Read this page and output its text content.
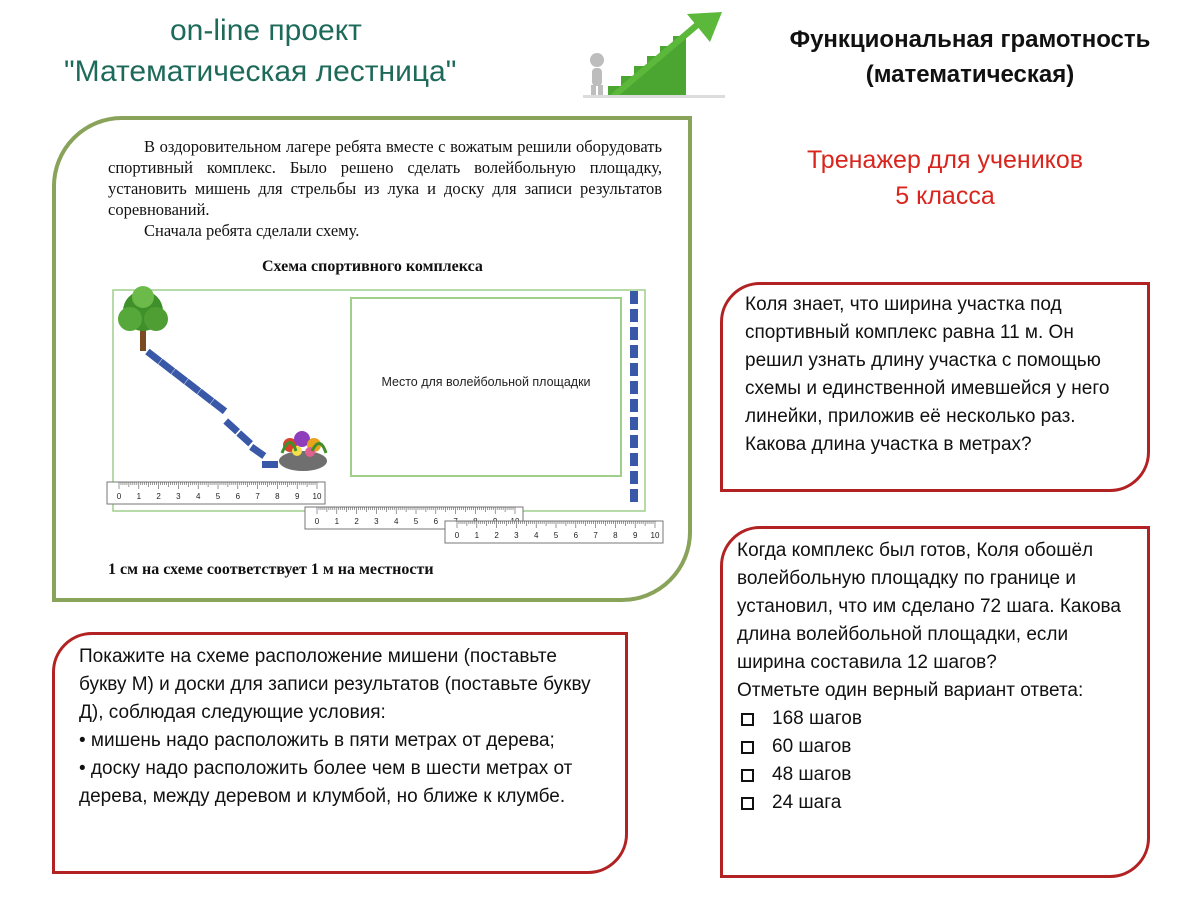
on-line проект
"Математическая лестница"
Функциональная грамотность
(математическая)
Тренажер для учеников
5 класса

В оздоровительном лагере ребята вместе с вожатым решили оборудовать спортивный комплекс. Было решено сделать волейбольную площадку, установить мишень для стрельбы из лука и доску для записи результатов соревнований.

Сначала ребята сделали схему.

Схема спортивного комплекса
Место для волейбольной площадки
0 1 2 3 4 5 6 7 8 9 10
0 1 2 3 4 5 6
0 1 2 3 4 5 6 7 8 9 10
1 см на схеме соответствует 1 м на местности

Покажите на схеме расположение мишени (поставьте букву М) и доски для записи результатов (поставьте букву Д), соблюдая следующие условия:

• мишень надо расположить в пяти метрах от дерева;

• доску надо расположить более чем в шести метрах от дерева, между деревом и клумбой, но ближе к клумбе.

Коля знает, что ширина участка под спортивный комплекс равна 11 м. Он решил узнать длину участка с помощью схемы и единственной имевшейся у него линейки, приложив её несколько раз. Какова длина участка в метрах?

Когда комплекс был готов, Коля обошёл волейбольную площадку по границе и установил, что им сделано 72 шага. Какова длина волейбольной площадки, если ширина составила 12 шагов?

Отметьте один верный вариант ответа:

168 шагов
60 шагов
48 шагов
24 шага
